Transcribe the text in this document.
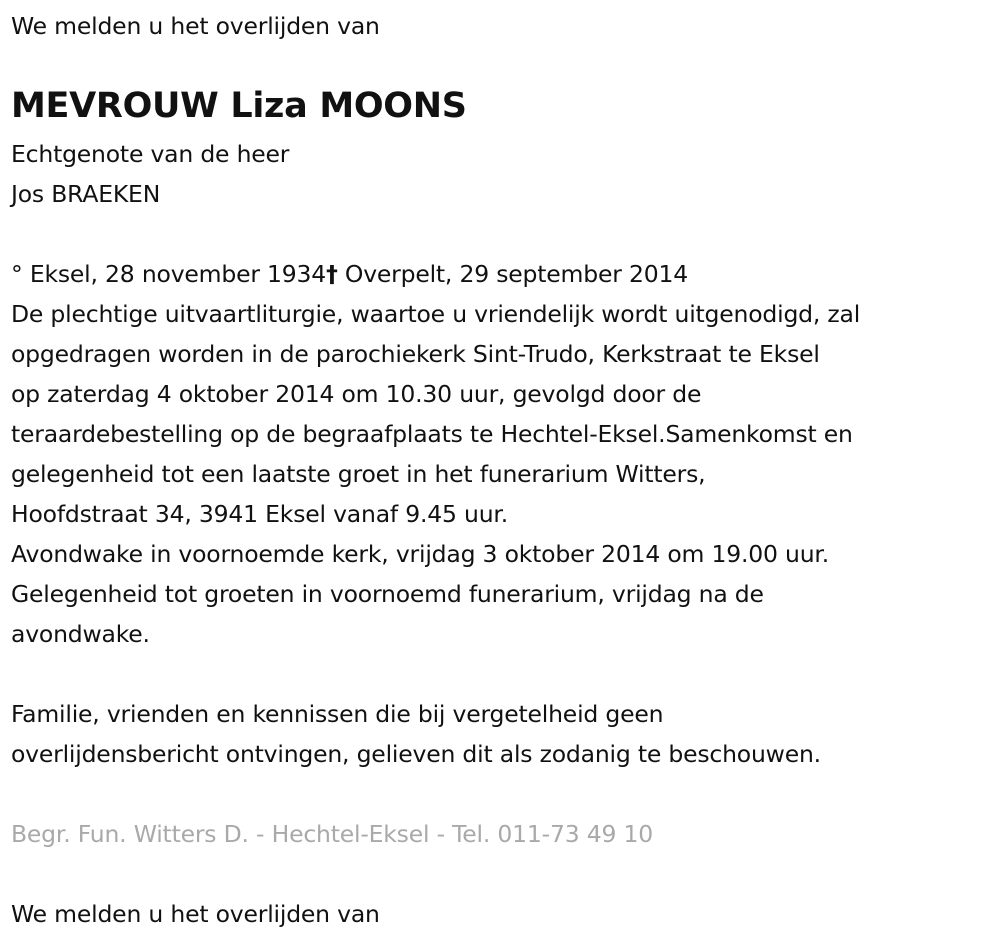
We melden u het overlijden van
MEVROUW Liza MOONS
Echtgenote van de heer
Jos BRAEKEN
° Eksel, 28 november 1934† Overpelt, 29 september 2014
De plechtige uitvaartliturgie, waartoe u vriendelijk wordt uitgenodigd, zal
opgedragen worden in de parochiekerk Sint-Trudo, Kerkstraat te Eksel
op zaterdag 4 oktober 2014 om 10.30 uur, gevolgd door de
teraardebestelling op de begraafplaats te Hechtel-Eksel.Samenkomst en
gelegenheid tot een laatste groet in het funerarium Witters,
Hoofdstraat 34, 3941 Eksel vanaf 9.45 uur.
Avondwake in voornoemde kerk, vrijdag 3 oktober 2014 om 19.00 uur.
Gelegenheid tot groeten in voornoemd funerarium, vrijdag na de
avondwake.
Familie, vrienden en kennissen die bij vergetelheid geen
overlijdensbericht ontvingen, gelieven dit als zodanig te beschouwen.
Begr. Fun. Witters D. - Hechtel-Eksel - Tel. 011-73 49 10
We melden u het overlijden van
